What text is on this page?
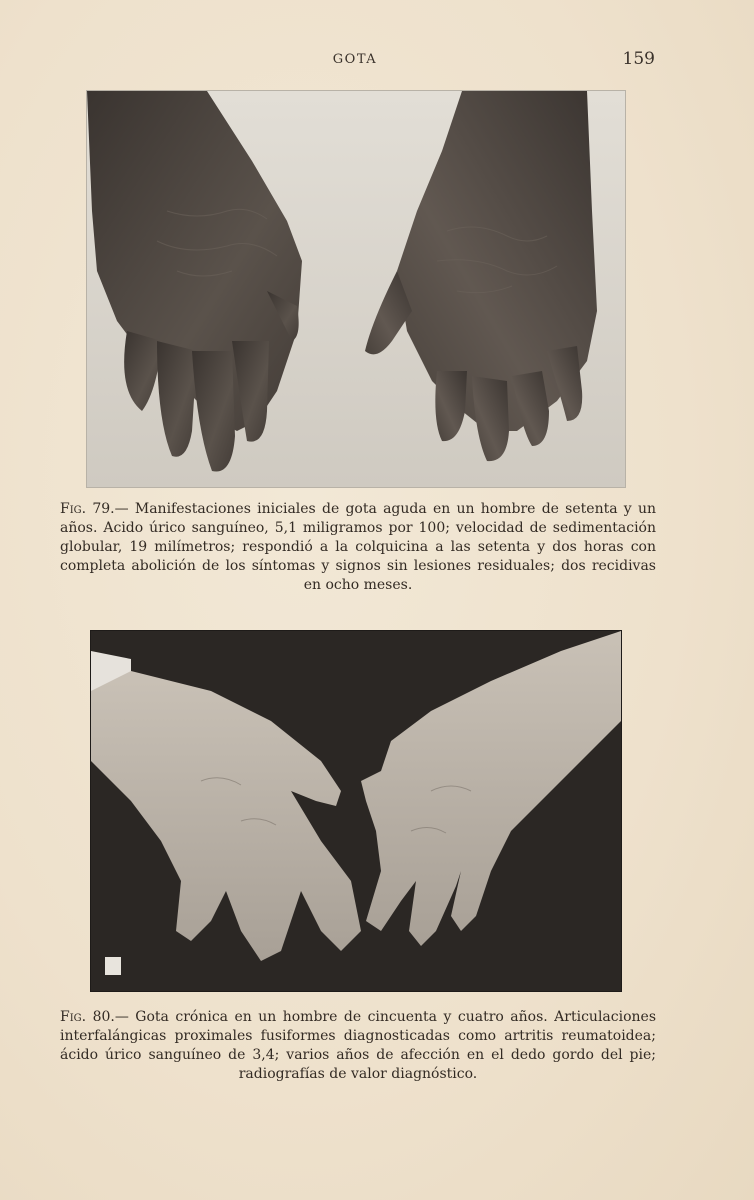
GOTA	159
Fig. 79.— Manifestaciones iniciales de gota aguda en un hombre de setenta y un años. Acido úrico sanguíneo, 5,1 miligramos por 100; velocidad de sedimentación globular, 19 milímetros; respondió a la colquicina a las setenta y dos horas con completa abolición de los síntomas y signos sin lesiones residuales; dos recidivas en ocho meses.
Fig. 80.— Gota crónica en un hombre de cincuenta y cuatro años. Articulaciones interfalángicas proximales fusiformes diagnosticadas como artritis reumatoidea; ácido úrico sanguíneo de 3,4; varios años de afección en el dedo gordo del pie; radiografías de valor diagnóstico.
